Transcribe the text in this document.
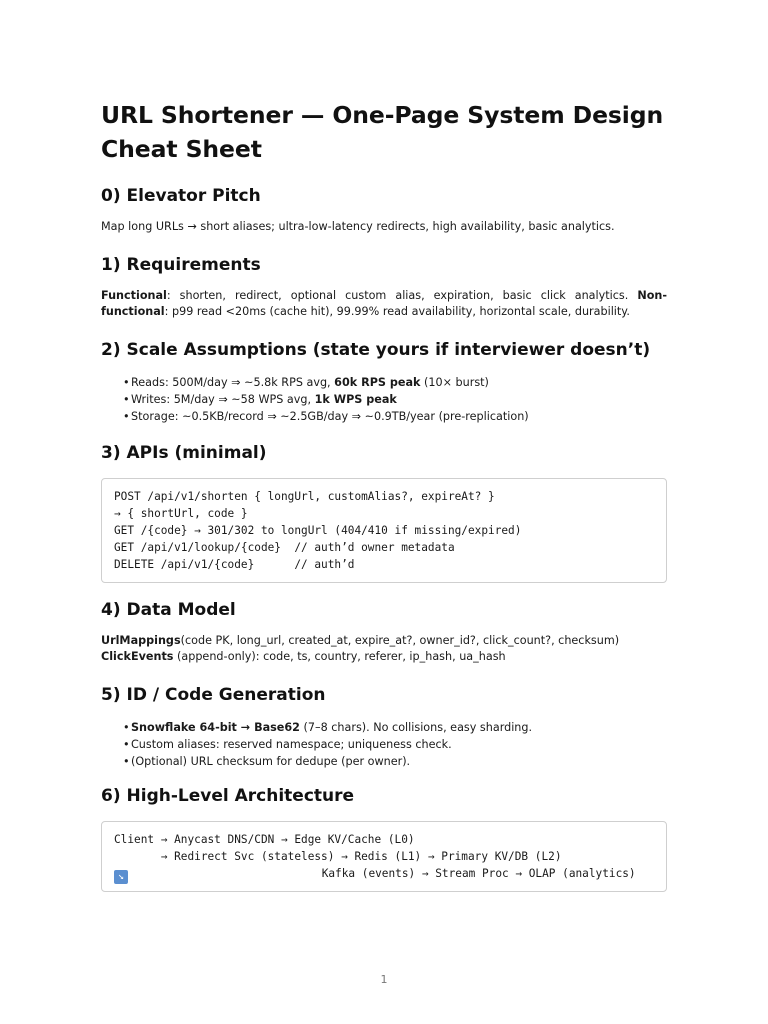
URL Shortener — One-Page System Design Cheat Sheet
0) Elevator Pitch

Map long URLs → short aliases; ultra-low-latency redirects, high availability, basic analytics.

1) Requirements

Functional: shorten, redirect, optional custom alias, expiration, basic click analytics. Non-functional: p99 read <20ms (cache hit), 99.99% read availability, horizontal scale, durability.

2) Scale Assumptions (state yours if interviewer doesn’t)
• Reads: 500M/day ⇒ ~5.8k RPS avg, 60k RPS peak (10× burst)
• Writes: 5M/day ⇒ ~58 WPS avg, 1k WPS peak
• Storage: ~0.5KB/record ⇒ ~2.5GB/day ⇒ ~0.9TB/year (pre-replication)
3) APIs (minimal)
POST /api/v1/shorten { longUrl, customAlias?, expireAt? }
→ { shortUrl, code }
GET /{code} → 301/302 to longUrl (404/410 if missing/expired)
GET /api/v1/lookup/{code}  // auth’d owner metadata
DELETE /api/v1/{code}      // auth’d
4) Data Model

UrlMappings(code PK, long_url, created_at, expire_at?, owner_id?, click_count?, checksum) ClickEvents (append-only): code, ts, country, referer, ip_hash, ua_hash

5) ID / Code Generation
• Snowflake 64-bit → Base62 (7–8 chars). No collisions, easy sharding.
• Custom aliases: reserved namespace; uniqueness check.
• (Optional) URL checksum for dedupe (per owner).
6) High-Level Architecture
Client → Anycast DNS/CDN → Edge KV/Cache (L0)
→ Redirect Svc (stateless) → Redis (L1) → Primary KV/DB (L2)
↘                             Kafka (events) → Stream Proc → OLAP (analytics)
1
